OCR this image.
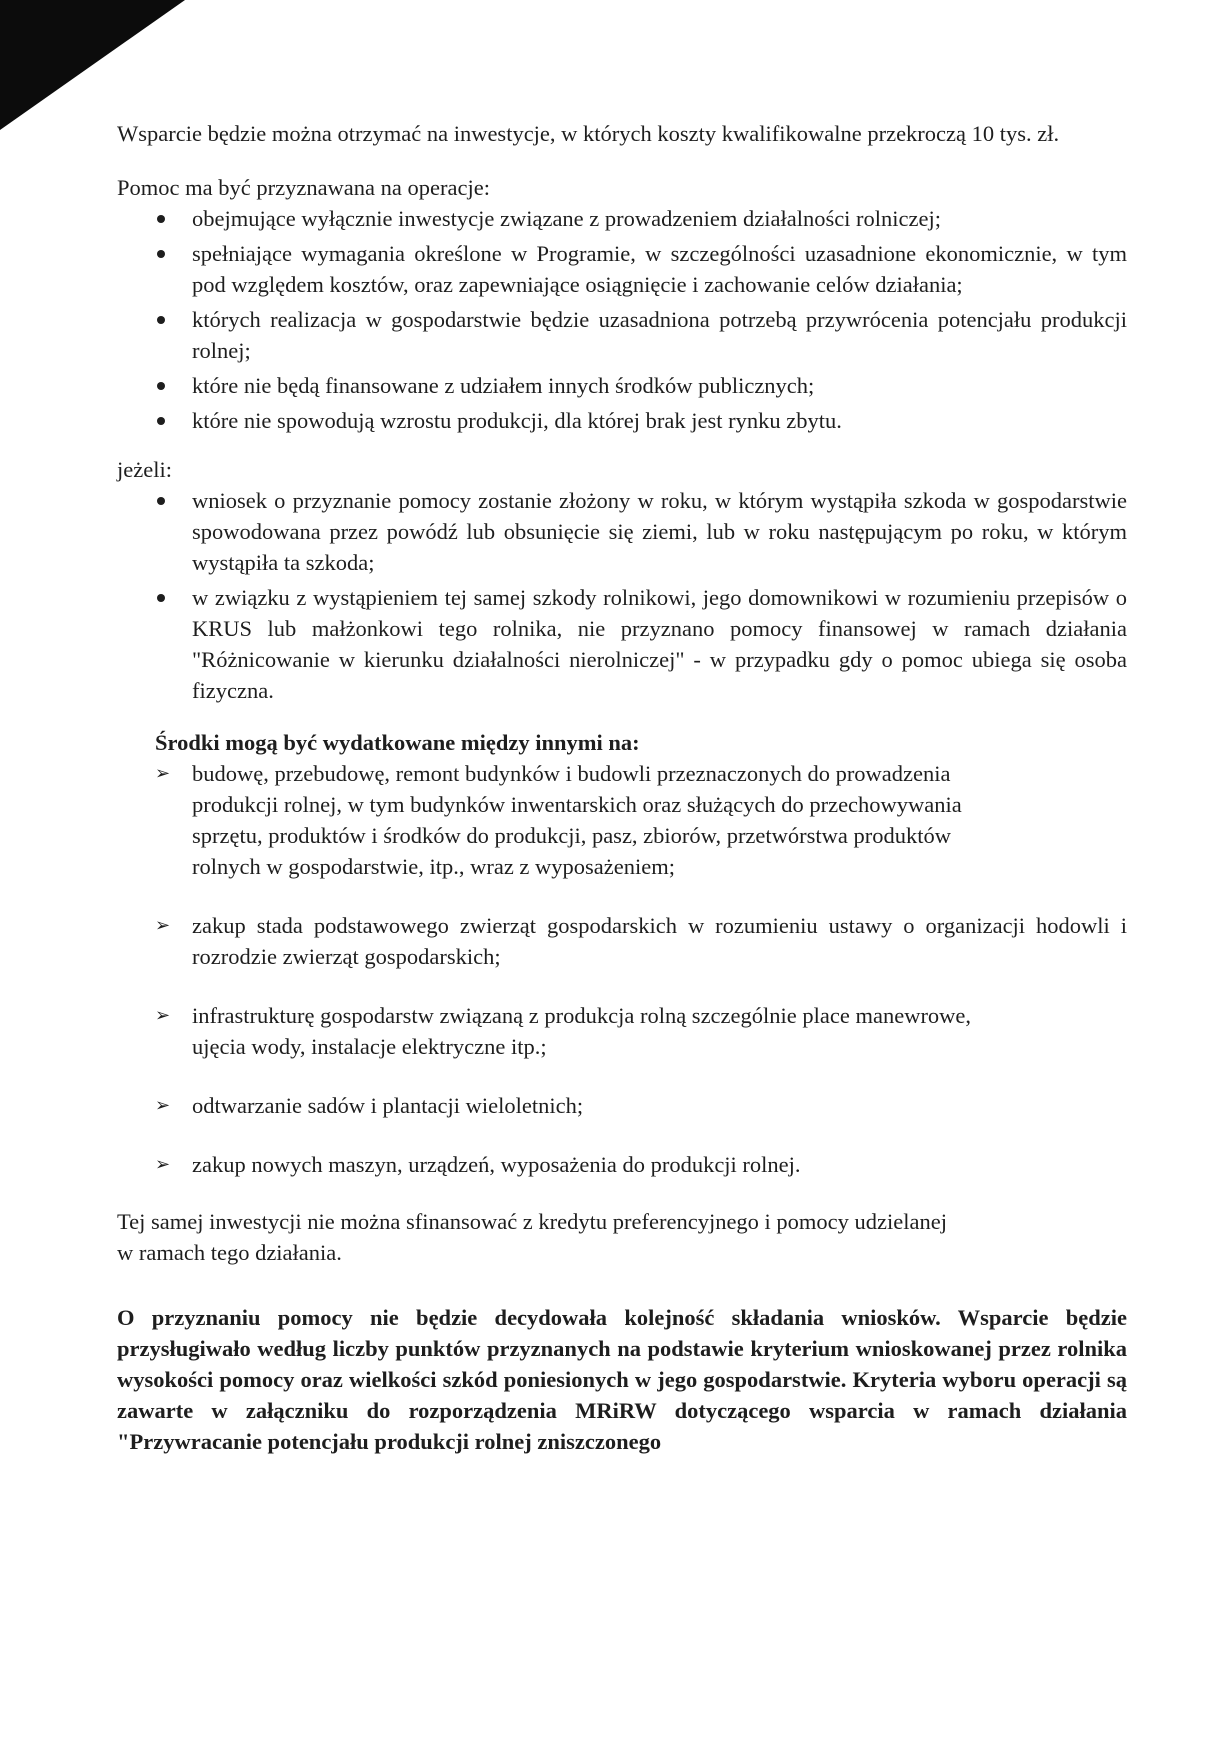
Wsparcie będzie można otrzymać na inwestycje, w których koszty kwalifikowalne przekroczą 10 tys. zł.

Pomoc ma być przyznawana na operacje:

obejmujące wyłącznie inwestycje związane z prowadzeniem działalności rolniczej;
spełniające wymagania określone w Programie, w szczególności uzasadnione ekonomicznie, w tym pod względem kosztów, oraz zapewniające osiągnięcie i zachowanie celów działania;
których realizacja w gospodarstwie będzie uzasadniona potrzebą przywrócenia potencjału produkcji rolnej;
które nie będą finansowane z udziałem innych środków publicznych;
które nie spowodują wzrostu produkcji, dla której brak jest rynku zbytu.

jeżeli:

wniosek o przyznanie pomocy zostanie złożony w roku, w którym wystąpiła szkoda w gospodarstwie spowodowana przez powódź lub obsunięcie się ziemi, lub w roku następującym po roku, w którym wystąpiła ta szkoda;
w związku z wystąpieniem tej samej szkody rolnikowi, jego domownikowi w rozumieniu przepisów o KRUS lub małżonkowi tego rolnika, nie przyznano pomocy finansowej w ramach działania "Różnicowanie w kierunku działalności nierolniczej" - w przypadku gdy o pomoc ubiega się osoba fizyczna.

Środki mogą być wydatkowane między innymi na:

➢ budowę, przebudowę, remont budynków i budowli przeznaczonych do prowadzenia produkcji rolnej, w tym budynków inwentarskich oraz służących do przechowywania sprzętu, produktów i środków do produkcji, pasz, zbiorów, przetwórstwa produktów rolnych w gospodarstwie, itp., wraz z wyposażeniem;
➢ zakup stada podstawowego zwierząt gospodarskich w rozumieniu ustawy o organizacji hodowli i rozrodzie zwierząt gospodarskich;
➢ infrastrukturę gospodarstw związaną z produkcja rolną szczególnie place manewrowe, ujęcia wody, instalacje elektryczne itp.;
➢ odtwarzanie sadów i plantacji wieloletnich;
➢ zakup nowych maszyn, urządzeń, wyposażenia do produkcji rolnej.

Tej samej inwestycji nie można sfinansować z kredytu preferencyjnego i pomocy udzielanej w ramach tego działania.

O przyznaniu pomocy nie będzie decydowała kolejność składania wniosków. Wsparcie będzie przysługiwało według liczby punktów przyznanych na podstawie kryterium wnioskowanej przez rolnika wysokości pomocy oraz wielkości szkód poniesionych w jego gospodarstwie. Kryteria wyboru operacji są zawarte w załączniku do rozporządzenia MRiRW dotyczącego wsparcia w ramach działania "Przywracanie potencjału produkcji rolnej zniszczonego
